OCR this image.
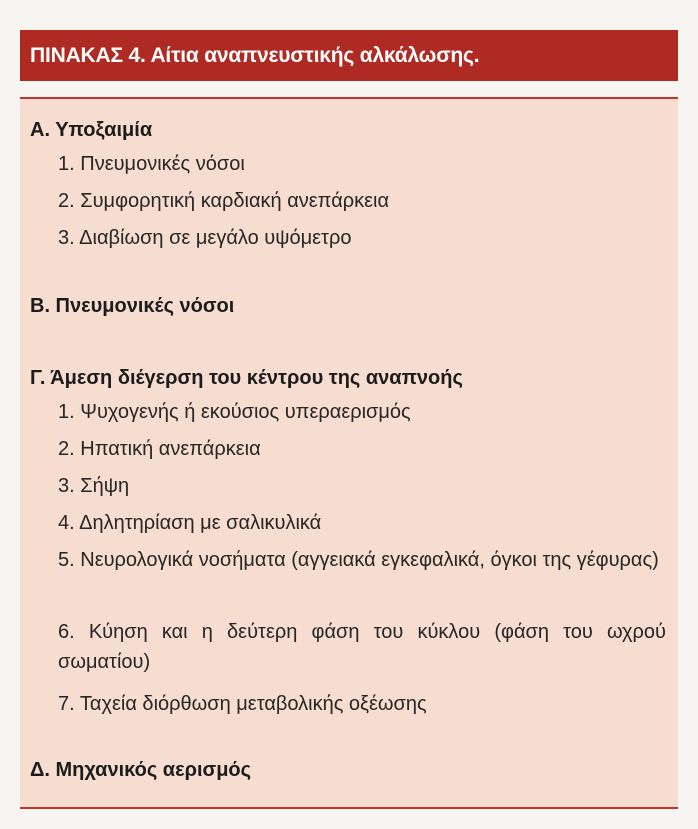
ΠΙΝΑΚΑΣ 4. Αίτια αναπνευστικής αλκάλωσης.
Α. Υποξαιμία
1. Πνευμονικές νόσοι
2. Συμφορητική καρδιακή ανεπάρκεια
3. Διαβίωση σε μεγάλο υψόμετρο
Β. Πνευμονικές νόσοι
Γ. Άμεση διέγερση του κέντρου της αναπνοής
1. Ψυχογενής ή εκούσιος υπεραερισμός
2. Ηπατική ανεπάρκεια
3. Σήψη
4. Δηλητηρίαση με σαλικυλικά
5. Νευρολογικά νοσήματα (αγγειακά εγκεφαλικά, όγκοι της γέφυρας)
6. Κύηση και η δεύτερη φάση του κύκλου (φάση του ωχρού σωματίου)
7. Ταχεία διόρθωση μεταβολικής οξέωσης
Δ. Μηχανικός αερισμός
